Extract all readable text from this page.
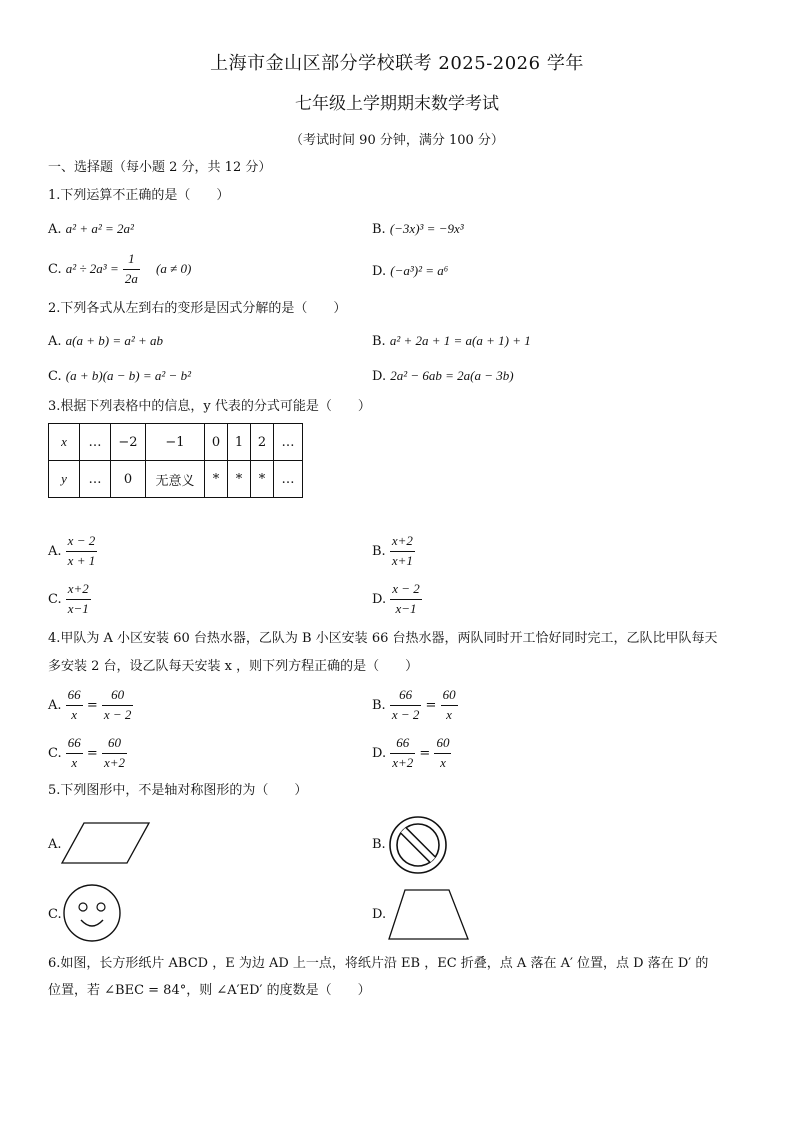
上海市金山区部分学校联考 2025-2026 学年
七年级上学期期末数学考试
（考试时间 90 分钟，满分 100 分）
一、选择题（每小题 2 分，共 12 分）
1.下列运算不正确的是（　　）
A. a² + a² = 2a²	B. (−3x)³ = −9x³
C. $a^2 \div 2a^3 = \frac{1}{2a} (a \ne 0)$	D. (−a³)² = a⁶
2.下列各式从左到右的变形是因式分解的是（　　）
A. a(a + b) = a² + ab	B. a² + 2a + 1 = a(a + 1) + 1
C. (a + b)(a − b) = a² − b²	D. 2a² − 6ab = 2a(a − 3b)
3.根据下列表格中的信息，y 代表的分式可能是（　　）
x	…	−2	−1	0	1	2	…
y	…	0	无意义	*	*	*	…
A. $\frac{x - 2}{x + 1}$	B. $\frac{x+2}{x+1}$
C. $\frac{x+2}{x-1}$	D. $\frac{x - 2}{x-1}$
4.甲队为 A 小区安装 60 台热水器，乙队为 B 小区安装 66 台热水器，两队同时开工恰好同时完工，乙队比甲队每天
多安装 2 台，设乙队每天安装 x ，则下列方程正确的是（　　）
A. $\frac{66}{x} = \frac{60}{x - 2}$	B. $\frac{66}{x - 2} = \frac{60}{x}$
C. $\frac{66}{x} = \frac{60}{x+2}$	D. $\frac{66}{x+2} = \frac{60}{x}$
5.下列图形中，不是轴对称图形的为（　　）
A.	B.
C.	D.
6.如图，长方形纸片 ABCD ，E 为边 AD 上一点，将纸片沿 EB ，EC 折叠，点 A 落在 A′ 位置，点 D 落在 D′ 的
位置，若 ∠BEC = 84°，则 ∠A′ED′ 的度数是（　　）
